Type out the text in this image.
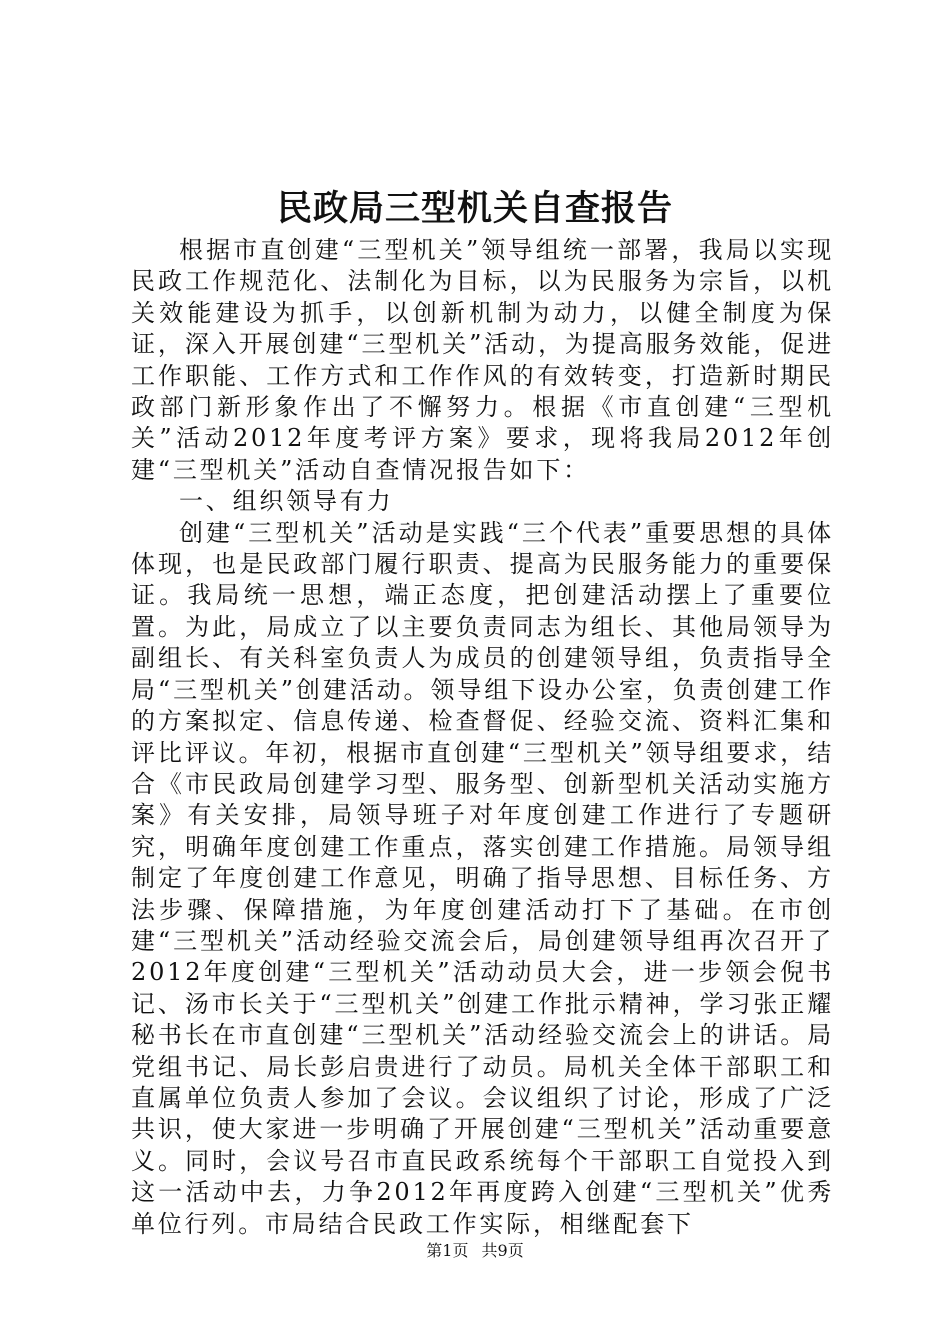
民政局三型机关自查报告

根据市直创建“三型机关”领导组统一部署，我局以实现民政工作规范化、法制化为目标，以为民服务为宗旨，以机关效能建设为抓手，以创新机制为动力，以健全制度为保证，深入开展创建“三型机关”活动，为提高服务效能，促进工作职能、工作方式和工作作风的有效转变，打造新时期民政部门新形象作出了不懈努力。根据《市直创建“三型机关”活动2012年度考评方案》要求，现将我局2012年创建“三型机关”活动自查情况报告如下：

一、组织领导有力

创建“三型机关”活动是实践“三个代表”重要思想的具体体现，也是民政部门履行职责、提高为民服务能力的重要保证。我局统一思想，端正态度，把创建活动摆上了重要位置。为此，局成立了以主要负责同志为组长、其他局领导为副组长、有关科室负责人为成员的创建领导组，负责指导全局“三型机关”创建活动。领导组下设办公室，负责创建工作的方案拟定、信息传递、检查督促、经验交流、资料汇集和评比评议。年初，根据市直创建“三型机关”领导组要求，结合《市民政局创建学习型、服务型、创新型机关活动实施方案》有关安排，局领导班子对年度创建工作进行了专题研究，明确年度创建工作重点，落实创建工作措施。局领导组制定了年度创建工作意见，明确了指导思想、目标任务、方法步骤、保障措施，为年度创建活动打下了基础。在市创建“三型机关”活动经验交流会后，局创建领导组再次召开了2012年度创建“三型机关”活动动员大会，进一步领会倪书记、汤市长关于“三型机关”创建工作批示精神，学习张正耀秘书长在市直创建“三型机关”活动经验交流会上的讲话。局党组书记、局长彭启贵进行了动员。局机关全体干部职工和直属单位负责人参加了会议。会议组织了讨论，形成了广泛共识，使大家进一步明确了开展创建“三型机关”活动重要意义。同时，会议号召市直民政系统每个干部职工自觉投入到这一活动中去，力争2012年再度跨入创建“三型机关”优秀单位行列。市局结合民政工作实际，相继配套下

第1页 共9页
